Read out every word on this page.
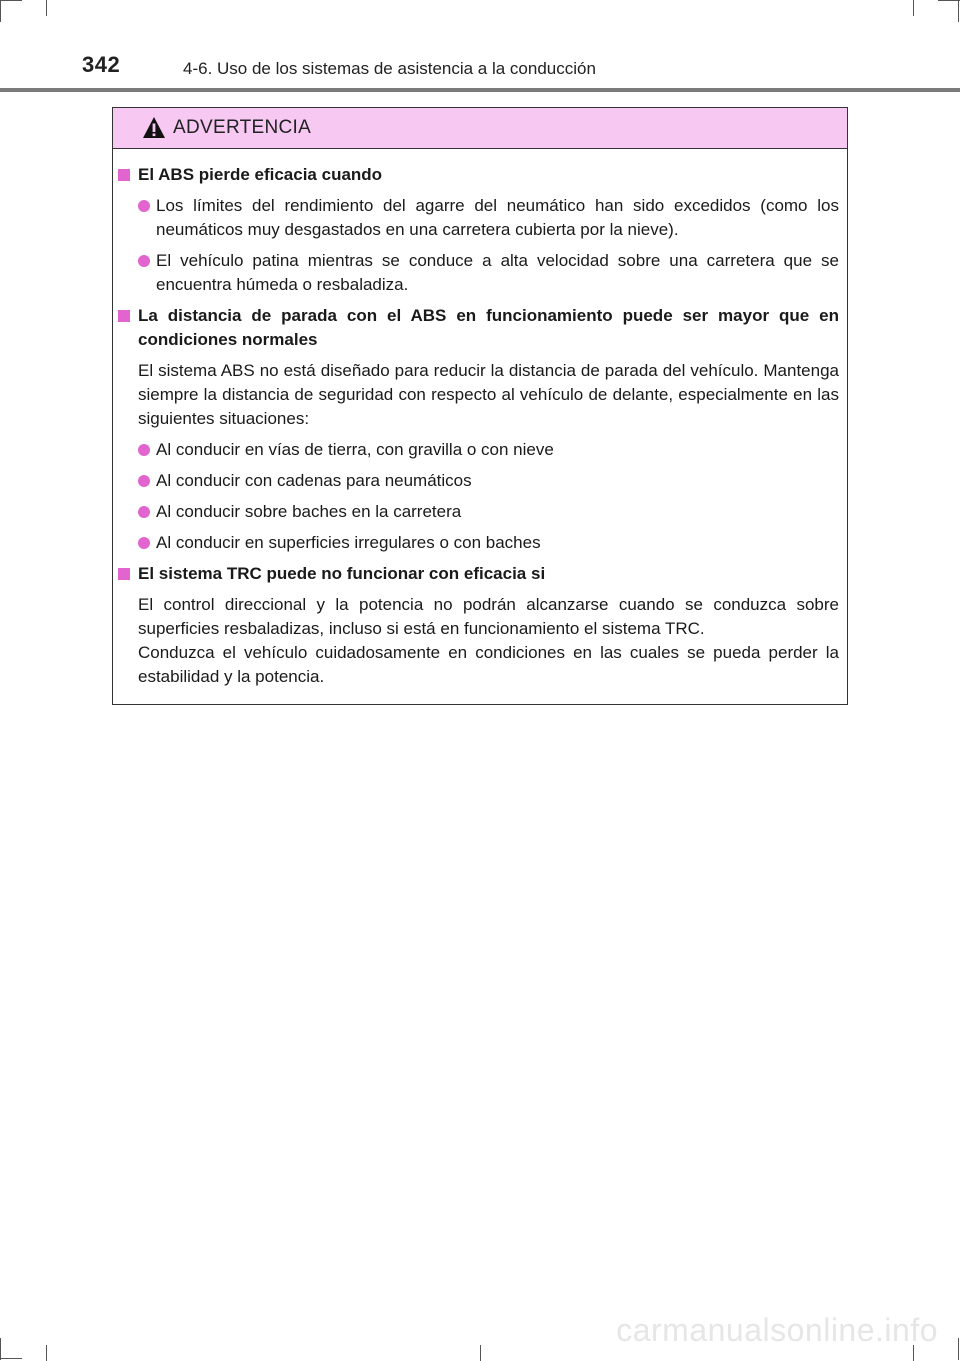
342	4-6. Uso de los sistemas de asistencia a la conducción
ADVERTENCIA
El ABS pierde eficacia cuando
Los límites del rendimiento del agarre del neumático han sido excedidos (como los neumáticos muy desgastados en una carretera cubierta por la nieve).
El vehículo patina mientras se conduce a alta velocidad sobre una carretera que se encuentra húmeda o resbaladiza.
La distancia de parada con el ABS en funcionamiento puede ser mayor que en condiciones normales
El sistema ABS no está diseñado para reducir la distancia de parada del vehículo. Mantenga siempre la distancia de seguridad con respecto al vehículo de delante, especialmente en las siguientes situaciones:
Al conducir en vías de tierra, con gravilla o con nieve
Al conducir con cadenas para neumáticos
Al conducir sobre baches en la carretera
Al conducir en superficies irregulares o con baches
El sistema TRC puede no funcionar con eficacia si
El control direccional y la potencia no podrán alcanzarse cuando se conduzca sobre superficies resbaladizas, incluso si está en funcionamiento el sistema TRC.
Conduzca el vehículo cuidadosamente en condiciones en las cuales se pueda perder la estabilidad y la potencia.
carmanualsonline.info
